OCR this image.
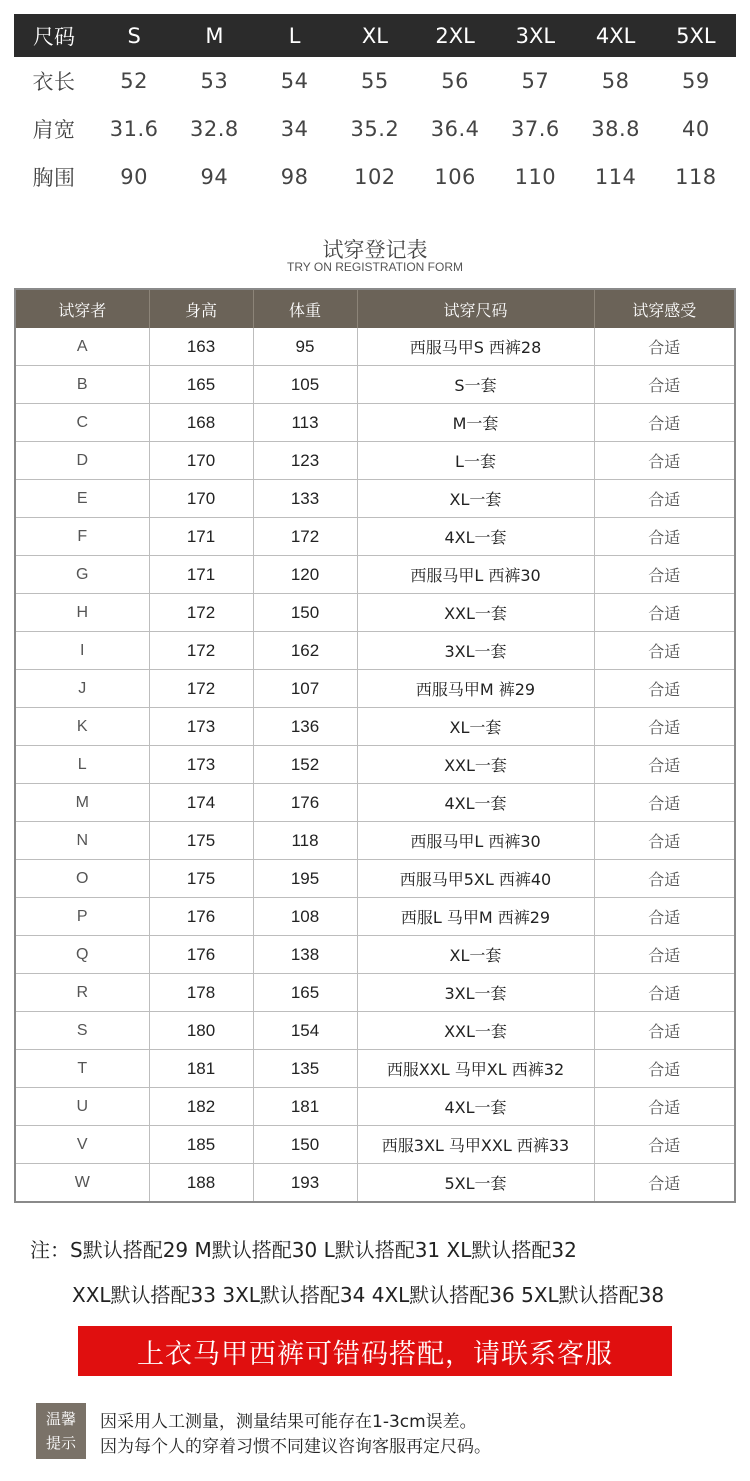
尺码	S	M	L	XL	2XL	3XL	4XL	5XL
衣长	52	53	54	55	56	57	58	59
肩宽	31.6	32.8	34	35.2	36.4	37.6	38.8	40
胸围	90	94	98	102	106	110	114	118
试穿登记表
TRY ON REGISTRATION FORM
试穿者	身高	体重	试穿尺码	试穿感受
A	163	95	西服马甲S 西裤28	合适
B	165	105	S一套	合适
C	168	113	M一套	合适
D	170	123	L一套	合适
E	170	133	XL一套	合适
F	171	172	4XL一套	合适
G	171	120	西服马甲L 西裤30	合适
H	172	150	XXL一套	合适
I	172	162	3XL一套	合适
J	172	107	西服马甲M 裤29	合适
K	173	136	XL一套	合适
L	173	152	XXL一套	合适
M	174	176	4XL一套	合适
N	175	118	西服马甲L 西裤30	合适
O	175	195	西服马甲5XL 西裤40	合适
P	176	108	西服L 马甲M 西裤29	合适
Q	176	138	XL一套	合适
R	178	165	3XL一套	合适
S	180	154	XXL一套	合适
T	181	135	西服XXL 马甲XL 西裤32	合适
U	182	181	4XL一套	合适
V	185	150	西服3XL 马甲XXL 西裤33	合适
W	188	193	5XL一套	合适
注：S默认搭配29 M默认搭配30 L默认搭配31 XL默认搭配32
XXL默认搭配33 3XL默认搭配34 4XL默认搭配36 5XL默认搭配38
上衣马甲西裤可错码搭配，请联系客服
温馨
提示
因采用人工测量，测量结果可能存在1-3cm误差。
因为每个人的穿着习惯不同建议咨询客服再定尺码。
